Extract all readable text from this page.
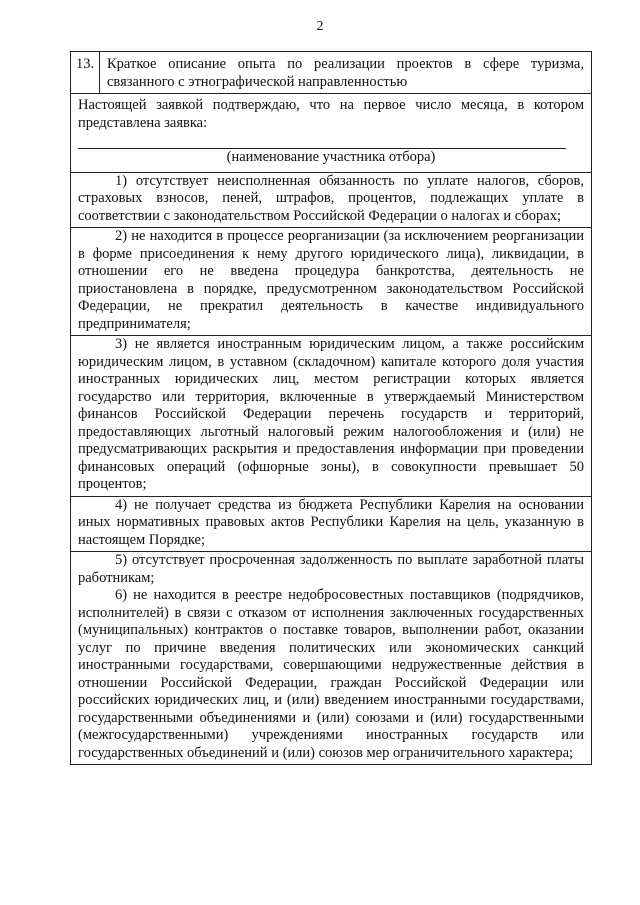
2
13.	Краткое описание опыта по реализации проектов в сфере туризма, связанного с этнографической направленностью

Настоящей заявкой подтверждаю, что на первое число месяца, в котором представлена заявка:
(наименование участника отбора)

1) отсутствует неисполненная обязанность по уплате налогов, сборов, страховых взносов, пеней, штрафов, процентов, подлежащих уплате в соответствии с законодательством Российской Федерации о налогах и сборах;

2) не находится в процессе реорганизации (за исключением реорганизации в форме присоединения к нему другого юридического лица), ликвидации, в отношении его не введена процедура банкротства, деятельность не приостановлена в порядке, предусмотренном законодательством Российской Федерации, не прекратил деятельность в качестве индивидуального предпринимателя;

3) не является иностранным юридическим лицом, а также российским юридическим лицом, в уставном (складочном) капитале которого доля участия иностранных юридических лиц, местом регистрации которых является государство или территория, включенные в утверждаемый Министерством финансов Российской Федерации перечень государств и территорий, предоставляющих льготный налоговый режим налогообложения и (или) не предусматривающих раскрытия и предоставления информации при проведении финансовых операций (офшорные зоны), в совокупности превышает 50 процентов;

4) не получает средства из бюджета Республики Карелия на основании иных нормативных правовых актов Республики Карелия на цель, указанную в настоящем Порядке;

5) отсутствует просроченная задолженность по выплате заработной платы работникам;
6) не находится в реестре недобросовестных поставщиков (подрядчиков, исполнителей) в связи с отказом от исполнения заключенных государственных (муниципальных) контрактов о поставке товаров, выполнении работ, оказании услуг по причине введения политических или экономических санкций иностранными государствами, совершающими недружественные действия в отношении Российской Федерации, граждан Российской Федерации или российских юридических лиц, и (или) введением иностранными государствами, государственными объединениями и (или) союзами и (или) государственными (межгосударственными) учреждениями иностранных государств или государственных объединений и (или) союзов мер ограничительного характера;
